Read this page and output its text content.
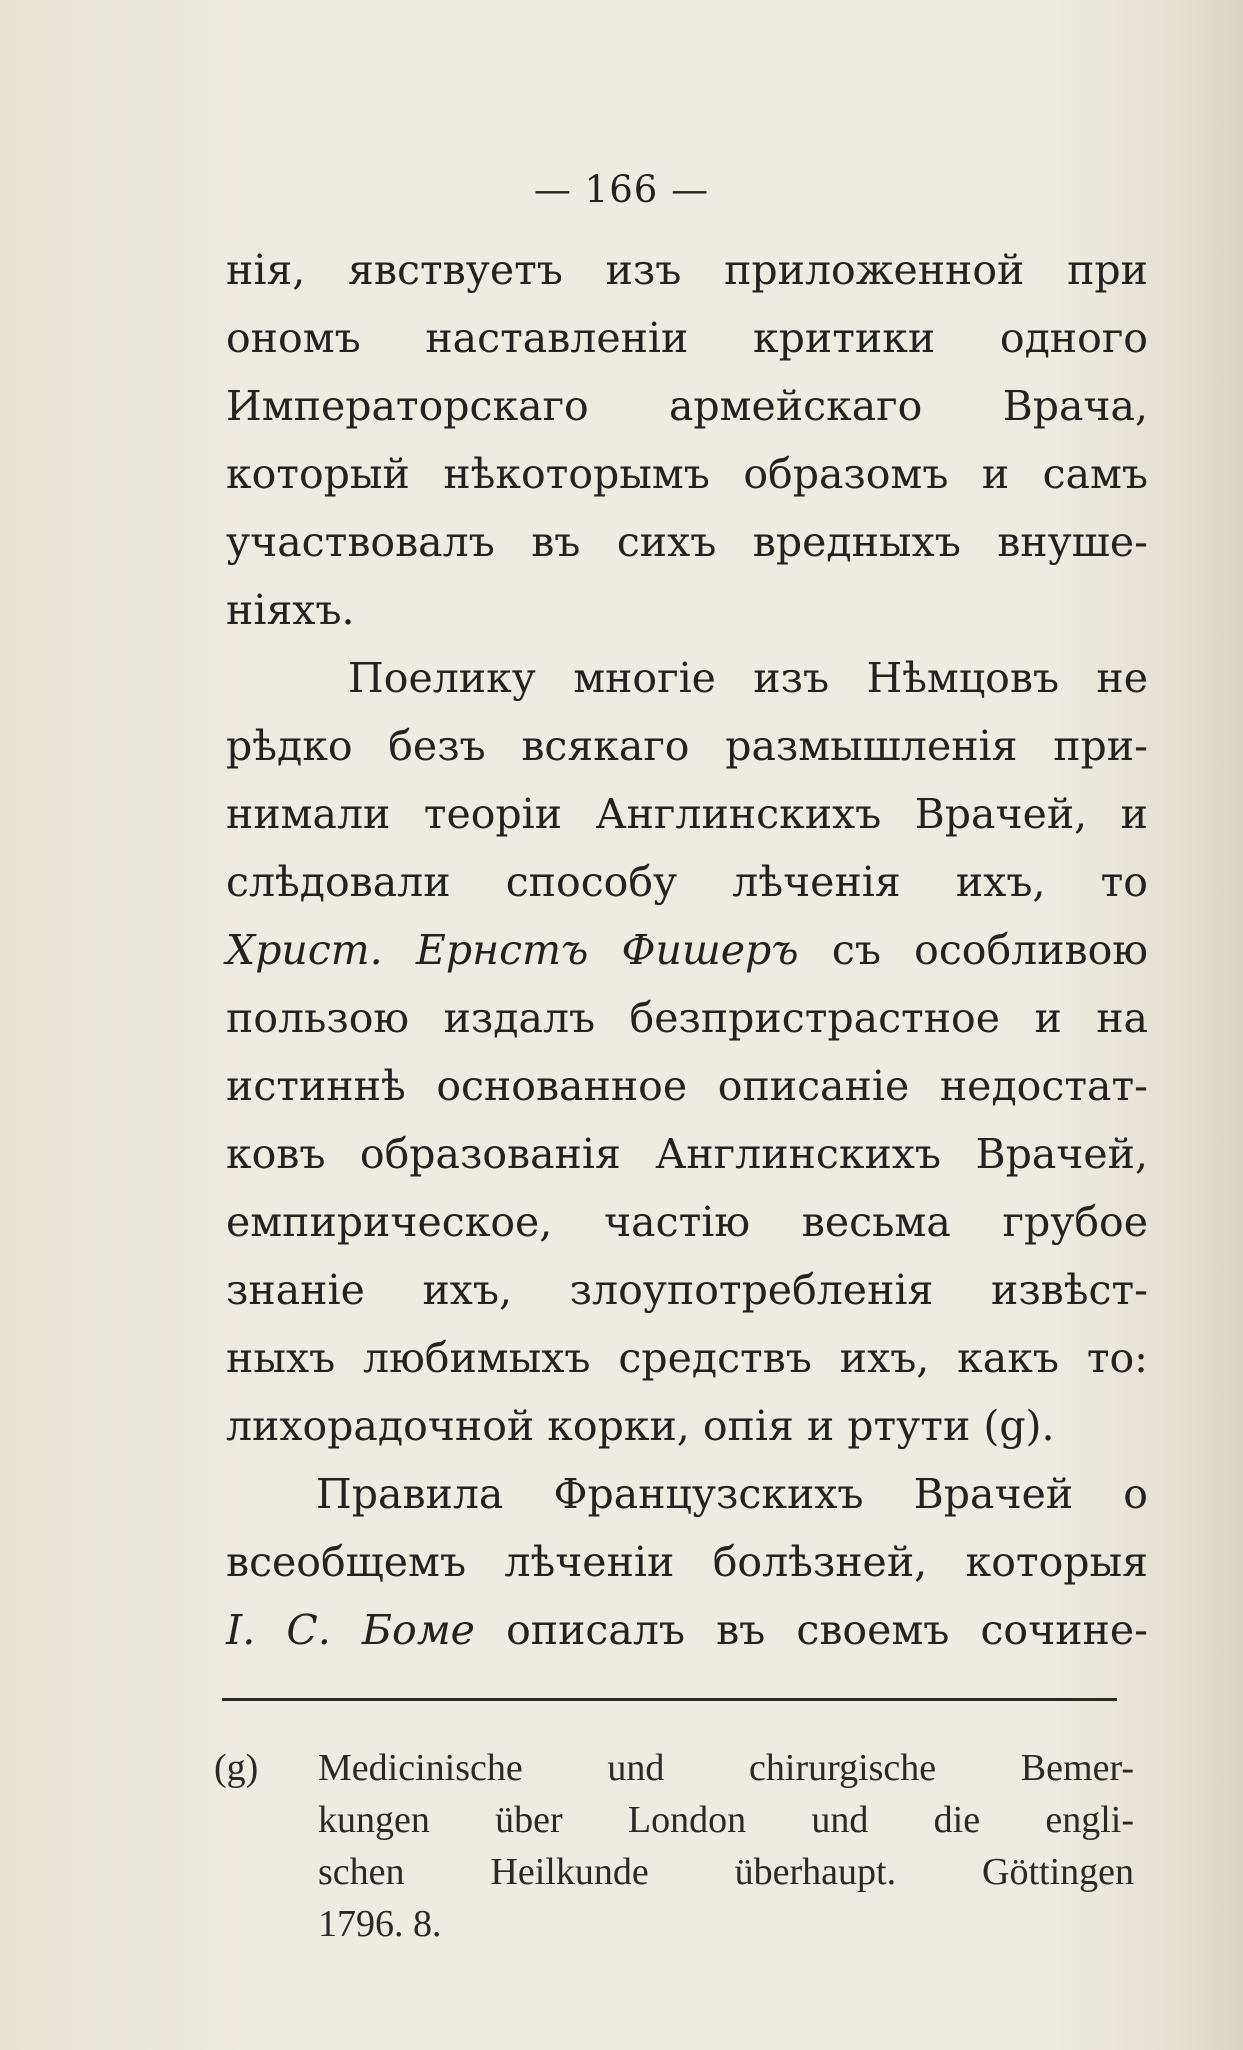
— 166 —
нія, явствуетъ изъ приложенной при
ономъ наставленіи критики одного
Императорскаго армейскаго Врача,
который нѣкоторымъ образомъ и самъ
участвовалъ въ сихъ вредныхъ внуше-
ніяхъ.
Поелику многіе изъ Нѣмцовъ не
рѣдко безъ всякаго размышленія при-
нимали теоріи Англинскихъ Врачей, и
слѣдовали способу лѣченія ихъ, то
Христ. Ернстъ Фишеръ съ особливою
пользою издалъ безпристрастное и на
истиннѣ основанное описаніе недостат-
ковъ образованія Англинскихъ Врачей,
емпирическое, частію весьма грубое
знаніе ихъ, злоупотребленія извѣст-
ныхъ любимыхъ средствъ ихъ, какъ то:
лихорадочной корки, опія и ртути (g).
Правила Французскихъ Врачей о
всеобщемъ лѣченіи болѣзней, которыя
І. С. Боме описалъ въ своемъ сочине-
(g) Medicinische und chirurgische Bemer-
kungen über London und die engli-
schen Heilkunde überhaupt. Göttingen
1796. 8.
